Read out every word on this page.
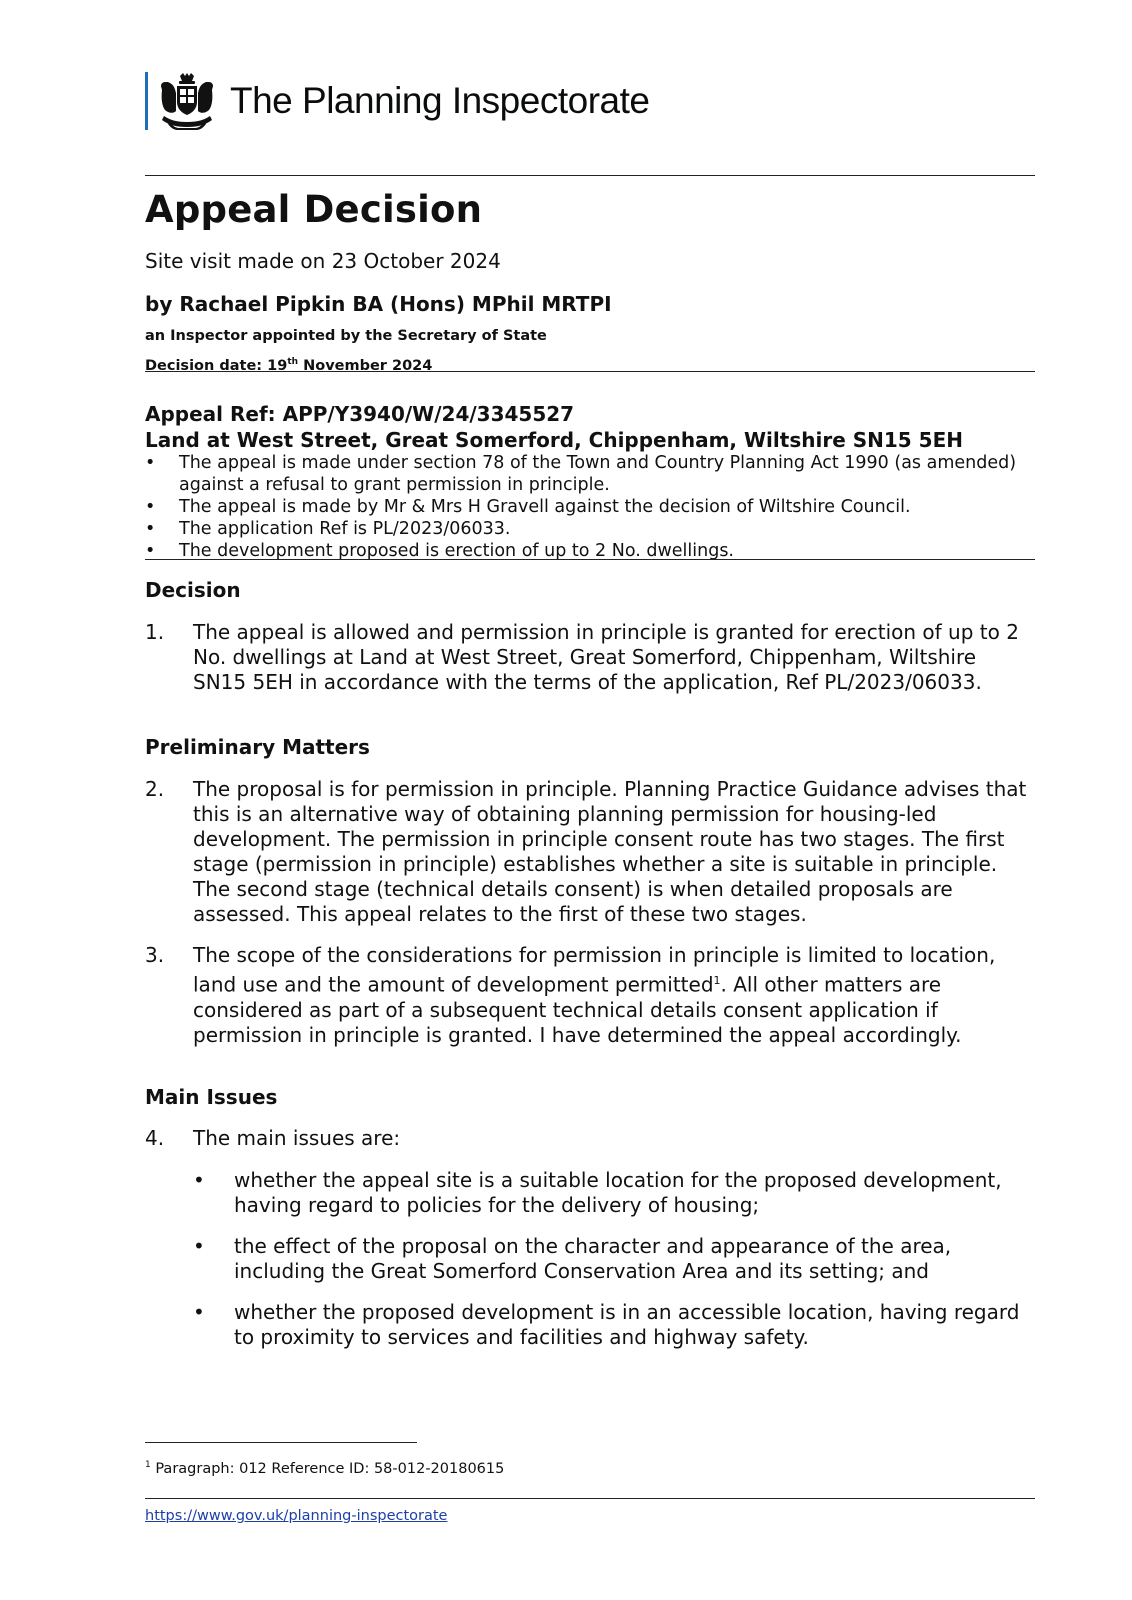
The Planning Inspectorate
Appeal Decision
Site visit made on 23 October 2024
by Rachael Pipkin BA (Hons) MPhil MRTPI
an Inspector appointed by the Secretary of State
Decision date: 19th November 2024
Appeal Ref: APP/Y3940/W/24/3345527
Land at West Street, Great Somerford, Chippenham, Wiltshire SN15 5EH
• The appeal is made under section 78 of the Town and Country Planning Act 1990 (as amended) against a refusal to grant permission in principle.
• The appeal is made by Mr & Mrs H Gravell against the decision of Wiltshire Council.
• The application Ref is PL/2023/06033.
• The development proposed is erection of up to 2 No. dwellings.
Decision
1. The appeal is allowed and permission in principle is granted for erection of up to 2 No. dwellings at Land at West Street, Great Somerford, Chippenham, Wiltshire SN15 5EH in accordance with the terms of the application, Ref PL/2023/06033.
Preliminary Matters
2. The proposal is for permission in principle. Planning Practice Guidance advises that this is an alternative way of obtaining planning permission for housing-led development. The permission in principle consent route has two stages. The first stage (permission in principle) establishes whether a site is suitable in principle. The second stage (technical details consent) is when detailed proposals are assessed. This appeal relates to the first of these two stages.
3. The scope of the considerations for permission in principle is limited to location, land use and the amount of development permitted$^1$. All other matters are considered as part of a subsequent technical details consent application if permission in principle is granted. I have determined the appeal accordingly.
Main Issues
4. The main issues are:
• whether the appeal site is a suitable location for the proposed development, having regard to policies for the delivery of housing;
• the effect of the proposal on the character and appearance of the area, including the Great Somerford Conservation Area and its setting; and
• whether the proposed development is in an accessible location, having regard to proximity to services and facilities and highway safety.
$^1$ Paragraph: 012 Reference ID: 58-012-20180615
https://www.gov.uk/planning-inspectorate
